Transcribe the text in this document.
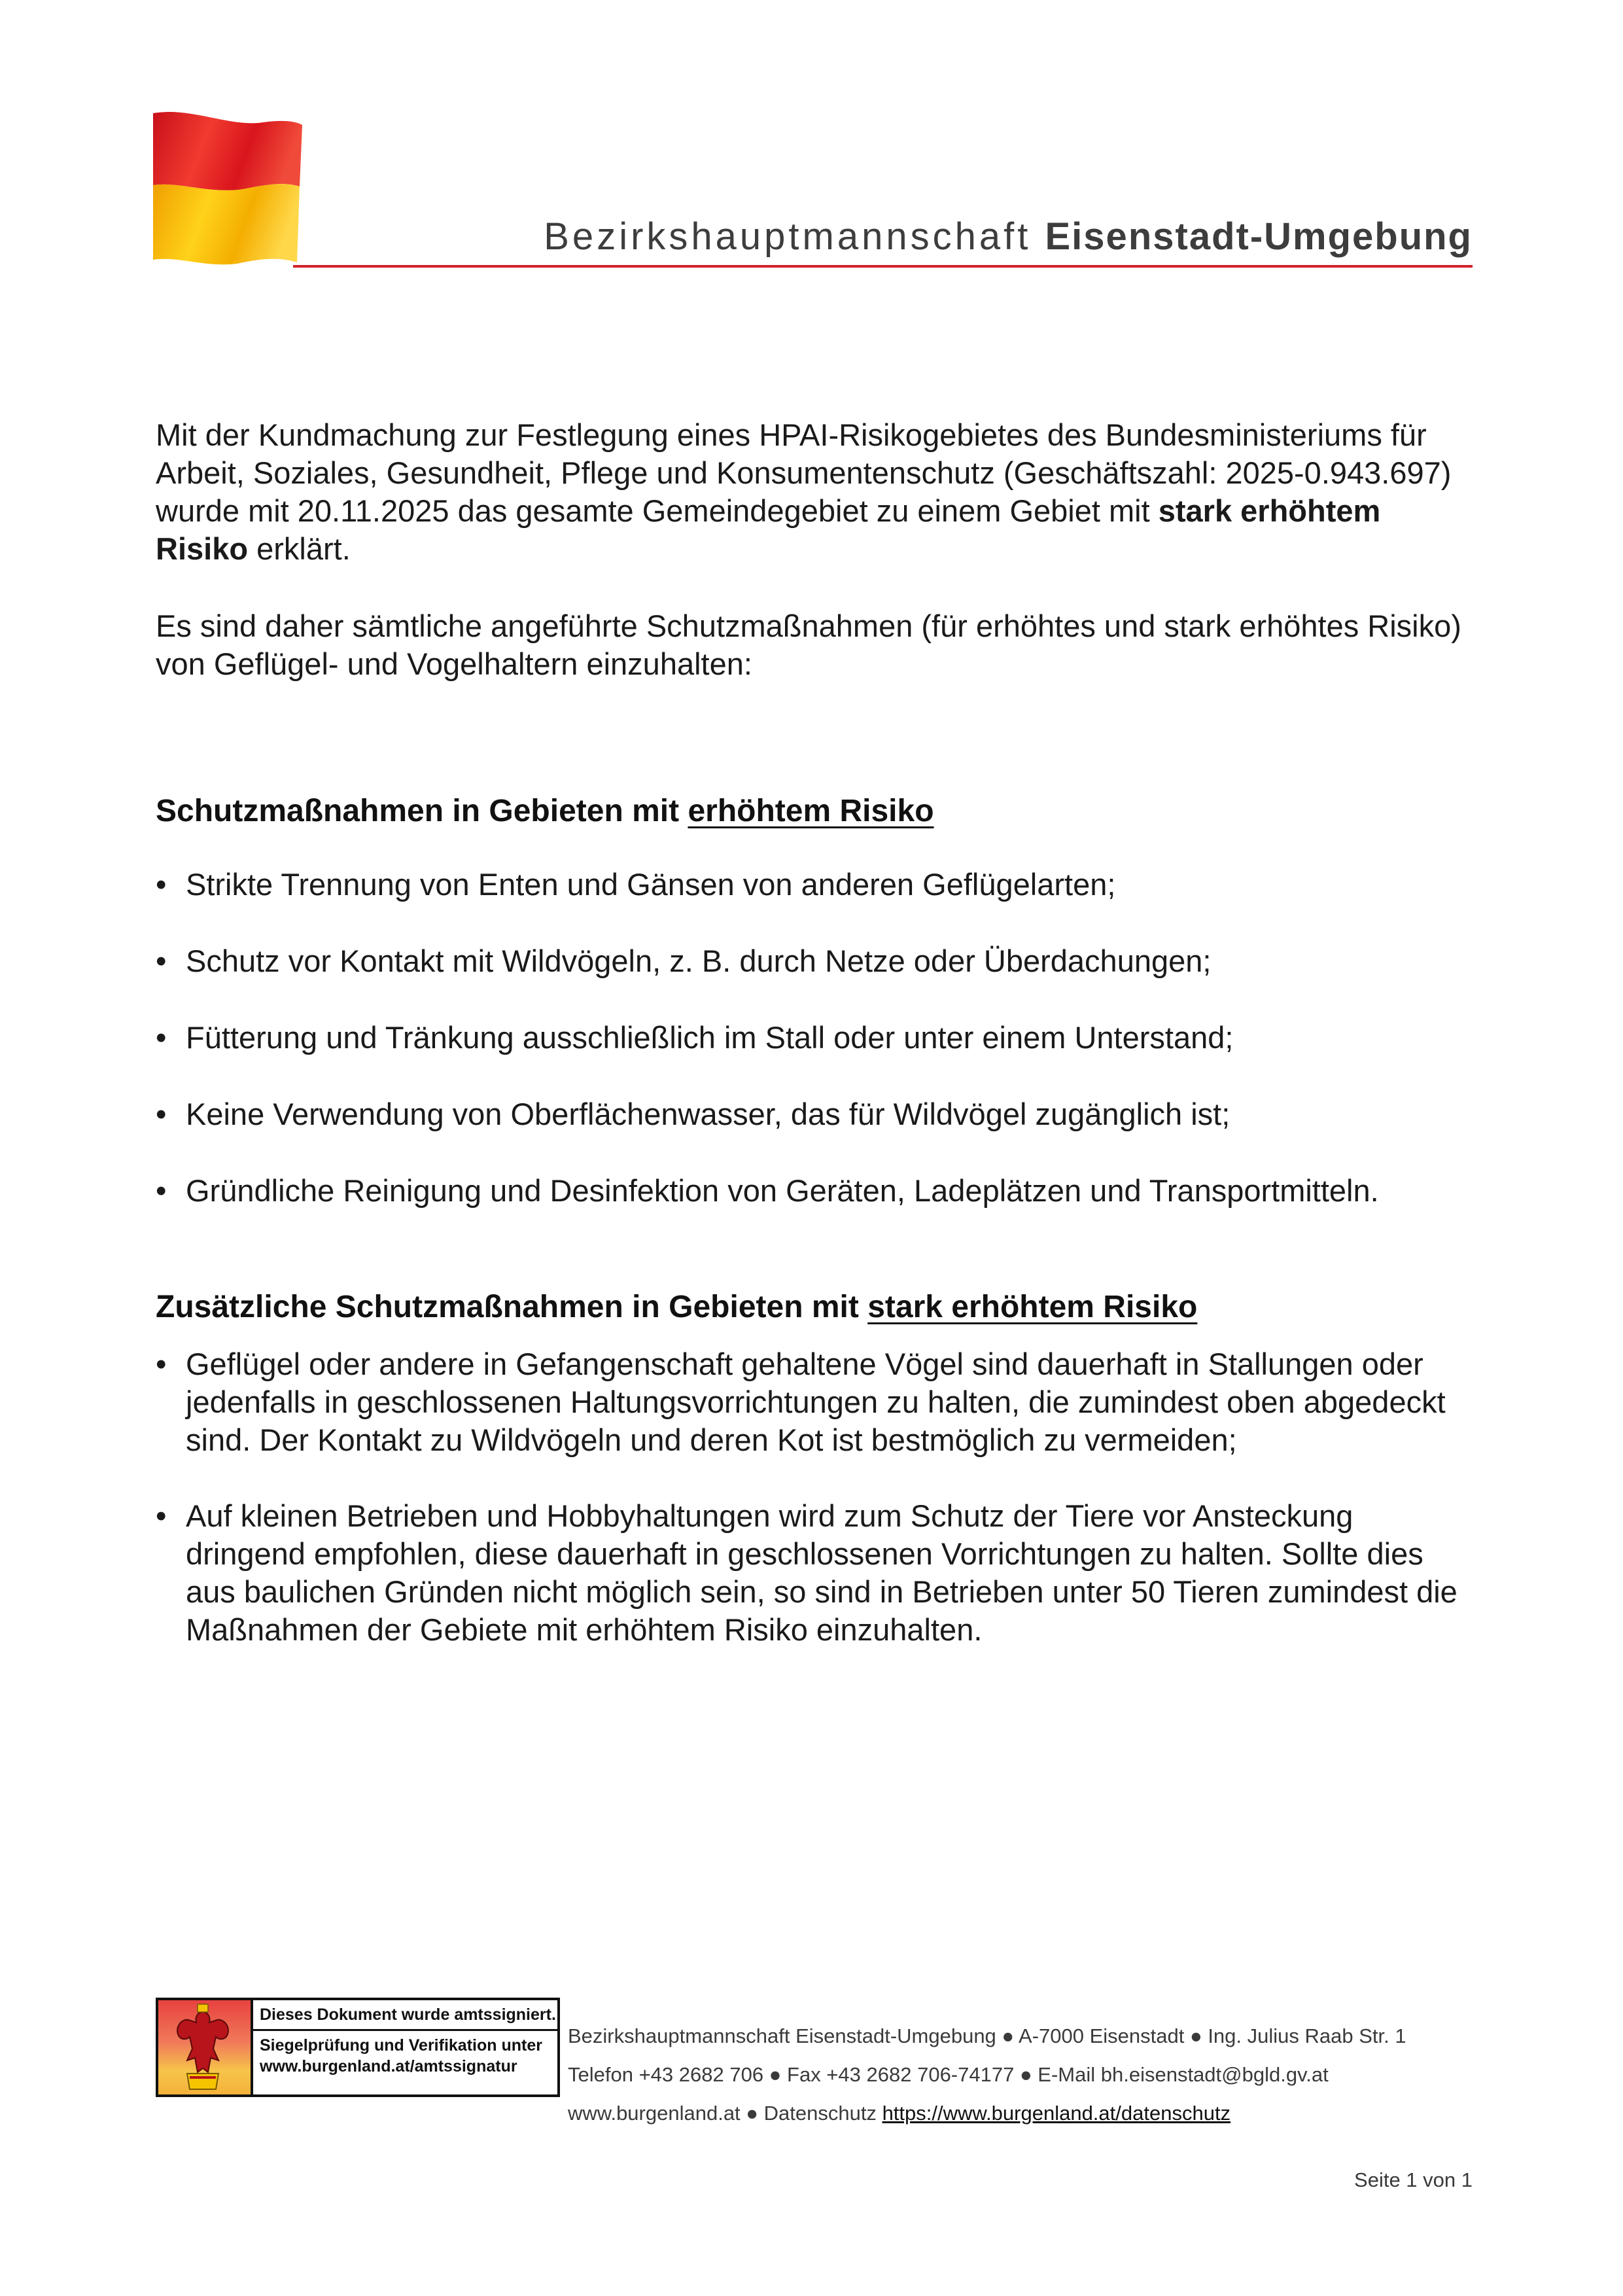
Bezirkshauptmannschaft Eisenstadt-Umgebung

Mit der Kundmachung zur Festlegung eines HPAI-Risikogebietes des Bundesministeriums für Arbeit, Soziales, Gesundheit, Pflege und Konsumentenschutz (Geschäftszahl: 2025-0.943.697) wurde mit 20.11.2025 das gesamte Gemeindegebiet zu einem Gebiet mit stark erhöhtem Risiko erklärt.

Es sind daher sämtliche angeführte Schutzmaßnahmen (für erhöhtes und stark erhöhtes Risiko) von Geflügel- und Vogelhaltern einzuhalten:

Schutzmaßnahmen in Gebieten mit erhöhtem Risiko
• Strikte Trennung von Enten und Gänsen von anderen Geflügelarten;
• Schutz vor Kontakt mit Wildvögeln, z. B. durch Netze oder Überdachungen;
• Fütterung und Tränkung ausschließlich im Stall oder unter einem Unterstand;
• Keine Verwendung von Oberflächenwasser, das für Wildvögel zugänglich ist;
• Gründliche Reinigung und Desinfektion von Geräten, Ladeplätzen und Transportmitteln.
Zusätzliche Schutzmaßnahmen in Gebieten mit stark erhöhtem Risiko
• Geflügel oder andere in Gefangenschaft gehaltene Vögel sind dauerhaft in Stallungen oder jedenfalls in geschlossenen Haltungsvorrichtungen zu halten, die zumindest oben abgedeckt sind. Der Kontakt zu Wildvögeln und deren Kot ist bestmöglich zu vermeiden;
• Auf kleinen Betrieben und Hobbyhaltungen wird zum Schutz der Tiere vor Ansteckung dringend empfohlen, diese dauerhaft in geschlossenen Vorrichtungen zu halten. Sollte dies aus baulichen Gründen nicht möglich sein, so sind in Betrieben unter 50 Tieren zumindest die Maßnahmen der Gebiete mit erhöhtem Risiko einzuhalten.
Dieses Dokument wurde amtssigniert.
Siegelprüfung und Verifikation unter
www.burgenland.at/amtssignatur
Bezirkshauptmannschaft Eisenstadt-Umgebung ● A-7000 Eisenstadt ● Ing. Julius Raab Str. 1
Telefon +43 2682 706 ● Fax +43 2682 706-74177 ● E-Mail bh.eisenstadt@bgld.gv.at
www.burgenland.at ● Datenschutz https://www.burgenland.at/datenschutz
Seite 1 von 1
